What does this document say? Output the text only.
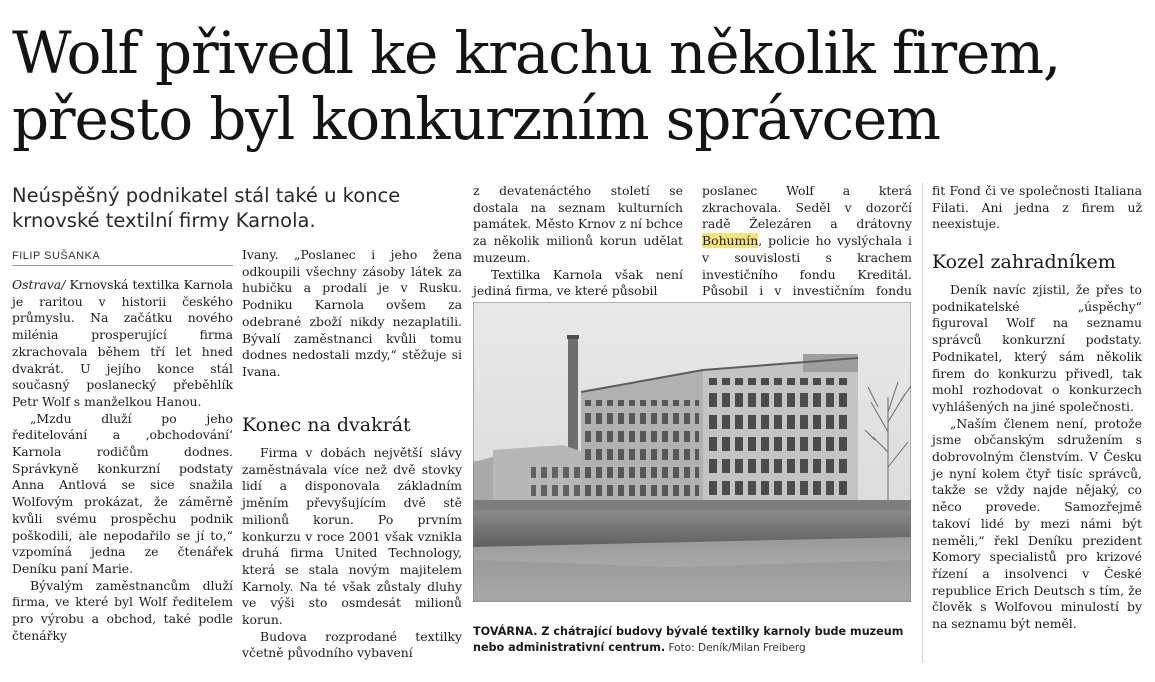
Wolf přivedl ke krachu několik firem,
přesto byl konkurzním správcem
Neúspěšný podnikatel stál také u konce
krnovské textilní firmy Karnola.
FILIP SUŠANKA

Ostrava/ Krnovská textilka Karnola je raritou v historii českého průmyslu. Na začátku nového milénia prosperující firma zkrachovala během tří let hned dvakrát. U jejího konce stál současný poslanecký přeběhlík Petr Wolf s manželkou Hanou.

„Mzdu dluží po jeho ředitelování a ‚obchodování‘ Karnola rodičům dodnes. Správkyně konkurzní podstaty Anna Antlová se sice snažila Wolfovým prokázat, že záměrně kvůli svému prospěchu podnik poškodili, ale nepodařilo se jí to,“ vzpomíná jedna ze čtenářek Deníku paní Marie.

Bývalým zaměstnancům dluží firma, ve které byl Wolf ředitelem pro výrobu a obchod, také podle čtenářky

Ivany. „Poslanec i jeho žena odkoupili všechny zásoby látek za hubičku a prodali je v Rusku. Podniku Karnola ovšem za odebrané zboží nikdy nezaplatili. Bývalí zaměstnanci kvůli tomu dodnes nedostali mzdy,“ stěžuje si Ivana.

Konec na dvakrát

Firma v dobách největší slávy zaměstnávala více než dvě stovky lidí a disponovala základním jměním převyšujícím dvě stě milionů korun. Po prvním konkurzu v roce 2001 však vznikla druhá firma United Technology, která se stala novým majitelem Karnoly. Na té však zůstaly dluhy ve výši sto osmdesát milionů korun.

Budova rozprodané textilky včetně původního vybavení

z devatenáctého století se dostala na seznam kulturních památek. Město Krnov z ní bchce za několik milionů korun udělat muzeum.

Textilka Karnola však není jediná firma, ve které působil

poslanec Wolf a která zkrachovala. Seděl v dozorčí radě Železáren a drátovny Bohumín, policie ho vyslýchala i v souvislosti s krachem investičního fondu Kreditál. Působil i v investičním fondu

fit Fond či ve společnosti Italiana Filati. Ani jedna z firem už neexistuje.

Kozel zahradníkem

Deník navíc zjistil, že přes to podnikatelské „úspěchy“ figuroval Wolf na seznamu správců konkurzní podstaty. Podnikatel, který sám několik firem do konkurzu přivedl, tak mohl rozhodovat o konkurzech vyhlášených na jiné společnosti.

„Naším členem není, protože jsme občanským sdružením s dobrovolným členstvím. V Česku je nyní kolem čtyř tisíc správců, takže se vždy najde nějaký, co něco provede. Samozřejmě takoví lidé by mezi námi být neměli,“ řekl Deníku prezident Komory specialistů pro krizové řízení a insolvenci v České republice Erich Deutsch s tím, že člověk s Wolfovou minulostí by na seznamu být neměl.

TOVÁRNA. Z chátrající budovy bývalé textilky karnoly bude muzeum nebo administrativní centrum. Foto: Deník/Milan Freiberg
